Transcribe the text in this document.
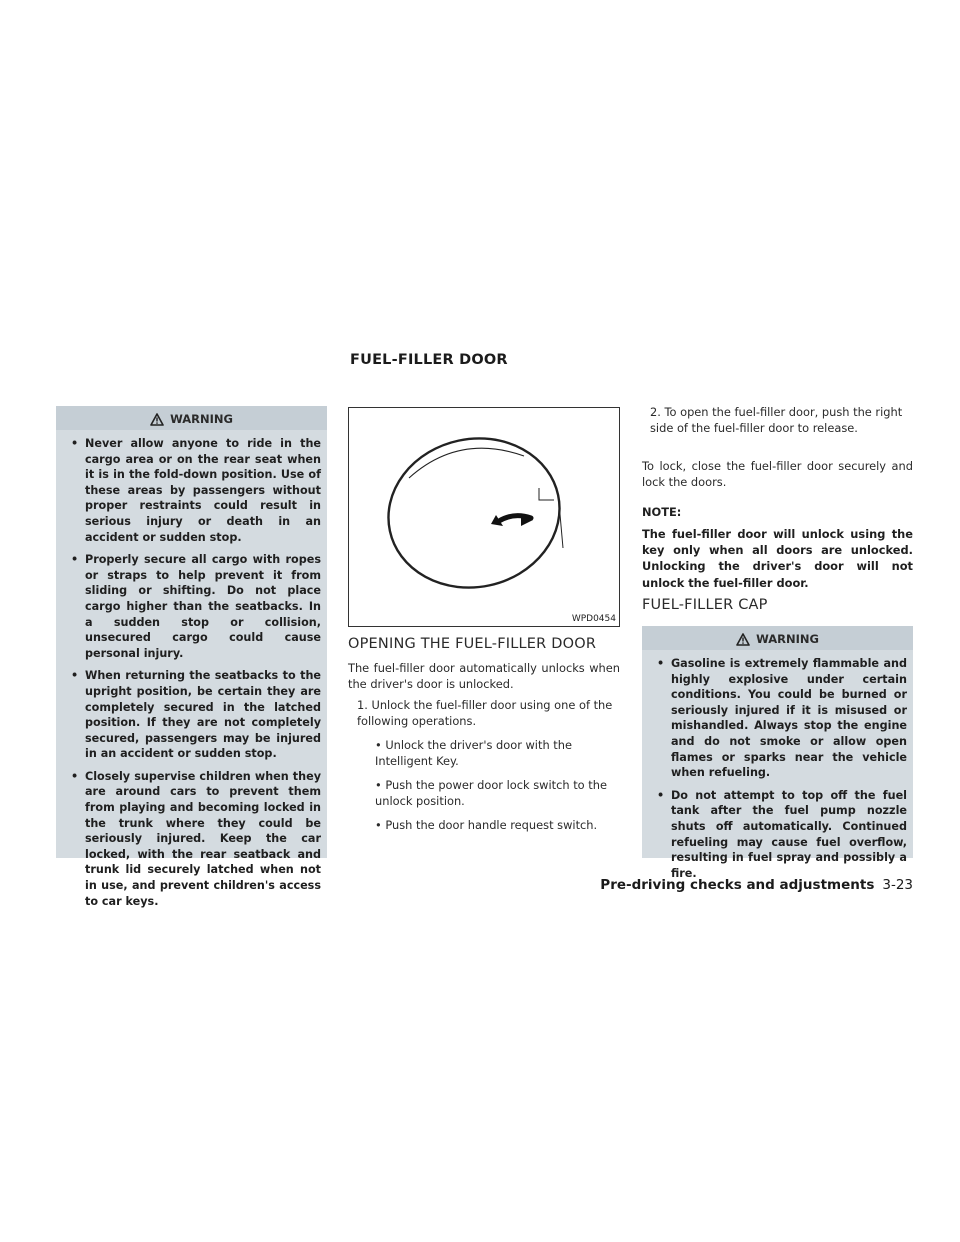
FUEL-FILLER DOOR
WARNING
• Never allow anyone to ride in the cargo area or on the rear seat when it is in the fold-down position. Use of these areas by passengers without proper restraints could result in serious injury or death in an accident or sudden stop.
• Properly secure all cargo with ropes or straps to help prevent it from sliding or shifting. Do not place cargo higher than the seatbacks. In a sudden stop or collision, unsecured cargo could cause personal injury.
• When returning the seatbacks to the upright position, be certain they are completely secured in the latched position. If they are not completely secured, passengers may be injured in an accident or sudden stop.
• Closely supervise children when they are around cars to prevent them from playing and becoming locked in the trunk where they could be seriously injured. Keep the car locked, with the rear seatback and trunk lid securely latched when not in use, and prevent children's access to car keys.
WPD0454
OPENING THE FUEL-FILLER DOOR
The fuel-filler door automatically unlocks when the driver's door is unlocked.
1. Unlock the fuel-filler door using one of the following operations.
• Unlock the driver's door with the Intelligent Key.
• Push the power door lock switch to the unlock position.
• Push the door handle request switch.
2. To open the fuel-filler door, push the right side of the fuel-filler door to release.
To lock, close the fuel-filler door securely and lock the doors.
NOTE:
The fuel-filler door will unlock using the key only when all doors are unlocked. Unlocking the driver's door will not unlock the fuel-filler door.
FUEL-FILLER CAP
WARNING
• Gasoline is extremely flammable and highly explosive under certain conditions. You could be burned or seriously injured if it is misused or mishandled. Always stop the engine and do not smoke or allow open flames or sparks near the vehicle when refueling.
• Do not attempt to top off the fuel tank after the fuel pump nozzle shuts off automatically. Continued refueling may cause fuel overflow, resulting in fuel spray and possibly a fire.
Pre-driving checks and adjustments 3-23
